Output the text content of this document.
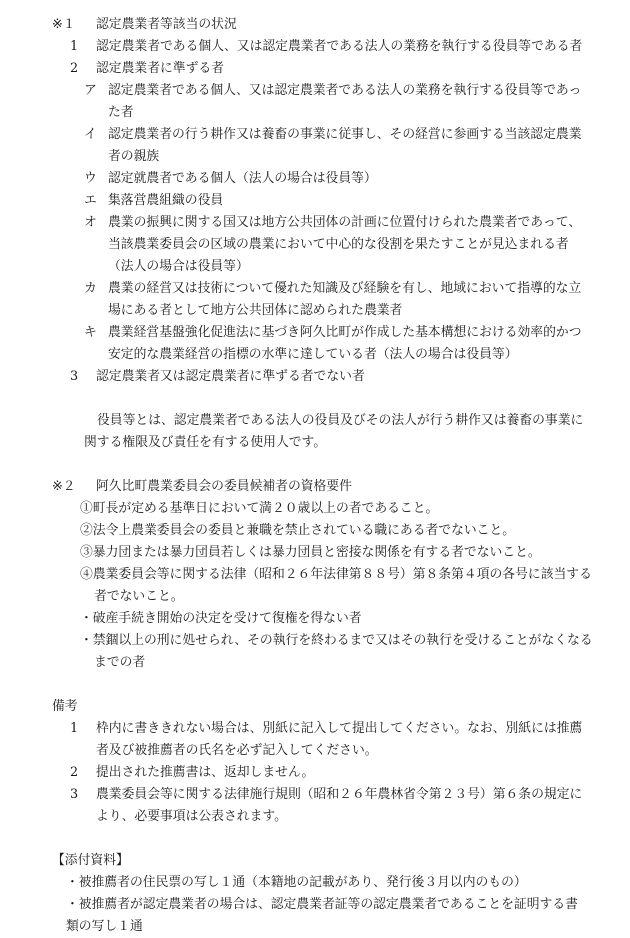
※１ 認定農業者等該当の状況
1 認定農業者である個人、又は認定農業者である法人の業務を執行する役員等である者
2 認定農業者に準ずる者
ア 認定農業者である個人、又は認定農業者である法人の業務を執行する役員等であった者
イ 認定農業者の行う耕作又は養畜の事業に従事し、その経営に参画する当該認定農業者の親族
ウ 認定就農者である個人（法人の場合は役員等）
エ 集落営農組織の役員
オ 農業の振興に関する国又は地方公共団体の計画に位置付けられた農業者であって、当該農業委員会の区域の農業において中心的な役割を果たすことが見込まれる者（法人の場合は役員等）
カ 農業の経営又は技術について優れた知識及び経験を有し、地域において指導的な立場にある者として地方公共団体に認められた農業者
キ 農業経営基盤強化促進法に基づき阿久比町が作成した基本構想における効率的かつ安定的な農業経営の指標の水準に達している者（法人の場合は役員等）
3 認定農業者又は認定農業者に準ずる者でない者
役員等とは、認定農業者である法人の役員及びその法人が行う耕作又は養畜の事業に関する権限及び責任を有する使用人です。
※２ 阿久比町農業委員会の委員候補者の資格要件
①町長が定める基準日において満２０歳以上の者であること。
②法令上農業委員会の委員と兼職を禁止されている職にある者でないこと。
③暴力団または暴力団員若しくは暴力団員と密接な関係を有する者でないこと。
④農業委員会等に関する法律（昭和２６年法律第８８号）第８条第４項の各号に該当する者でないこと。
・破産手続き開始の決定を受けて復権を得ない者
・禁錮以上の刑に処せられ、その執行を終わるまで又はその執行を受けることがなくなるまでの者
備考
1 枠内に書ききれない場合は、別紙に記入して提出してください。なお、別紙には推薦者及び被推薦者の氏名を必ず記入してください。
2 提出された推薦書は、返却しません。
3 農業委員会等に関する法律施行規則（昭和２６年農林省令第２３号）第６条の規定により、必要事項は公表されます。
【添付資料】
・被推薦者の住民票の写し１通（本籍地の記載があり、発行後３月以内のもの）
・被推薦者が認定農業者の場合は、認定農業者証等の認定農業者であることを証明する書類の写し１通
